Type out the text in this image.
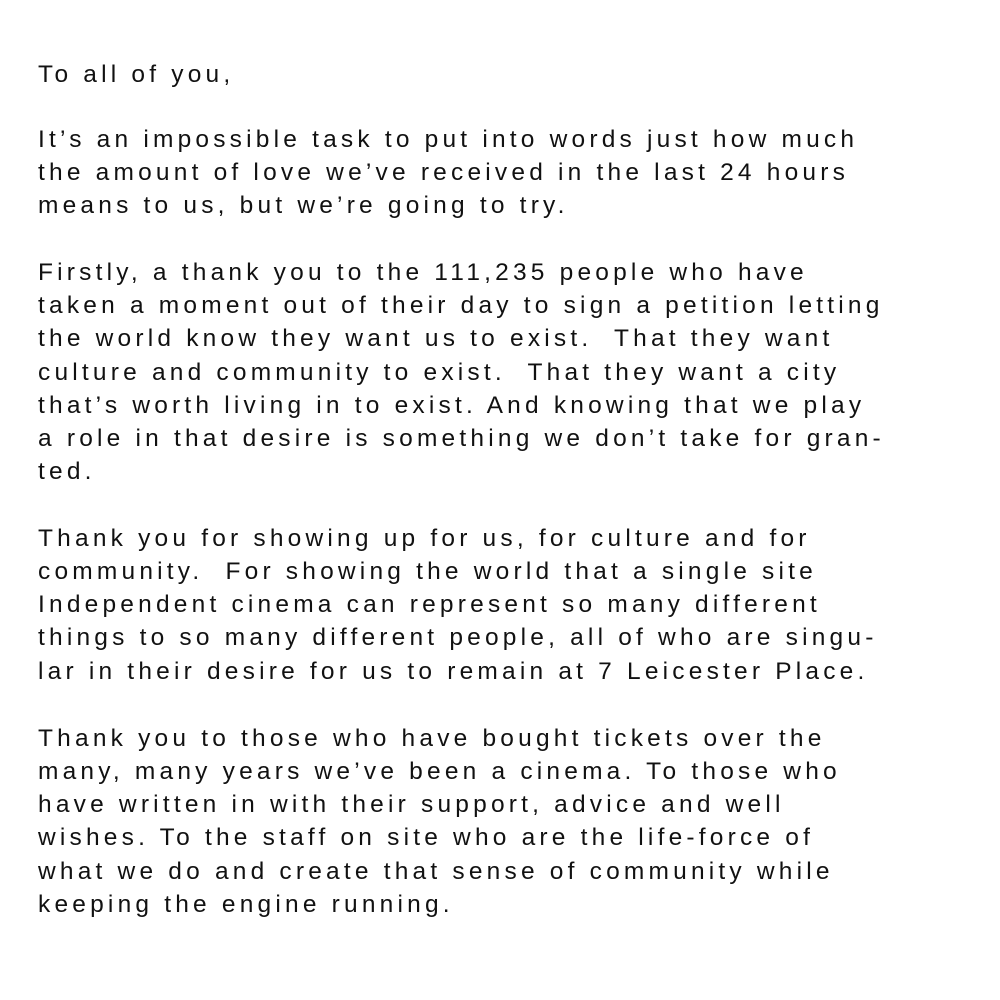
To all of you,

It’s an impossible task to put into words just how much

the amount of love we’ve received in the last 24 hours

means to us, but we’re going to try.

Firstly, a thank you to the 111,235 people who have

taken a moment out of their day to sign a petition letting

the world know they want us to exist.  That they want

culture and community to exist.  That they want a city

that’s worth living in to exist. And knowing that we play

a role in that desire is something we don’t take for gran-

ted.

Thank you for showing up for us, for culture and for

community.  For showing the world that a single site

Independent cinema can represent so many different

things to so many different people, all of who are singu-

lar in their desire for us to remain at 7 Leicester Place.

Thank you to those who have bought tickets over the

many, many years we’ve been a cinema. To those who

have written in with their support, advice and well

wishes. To the staff on site who are the life-force of

what we do and create that sense of community while

keeping the engine running.
